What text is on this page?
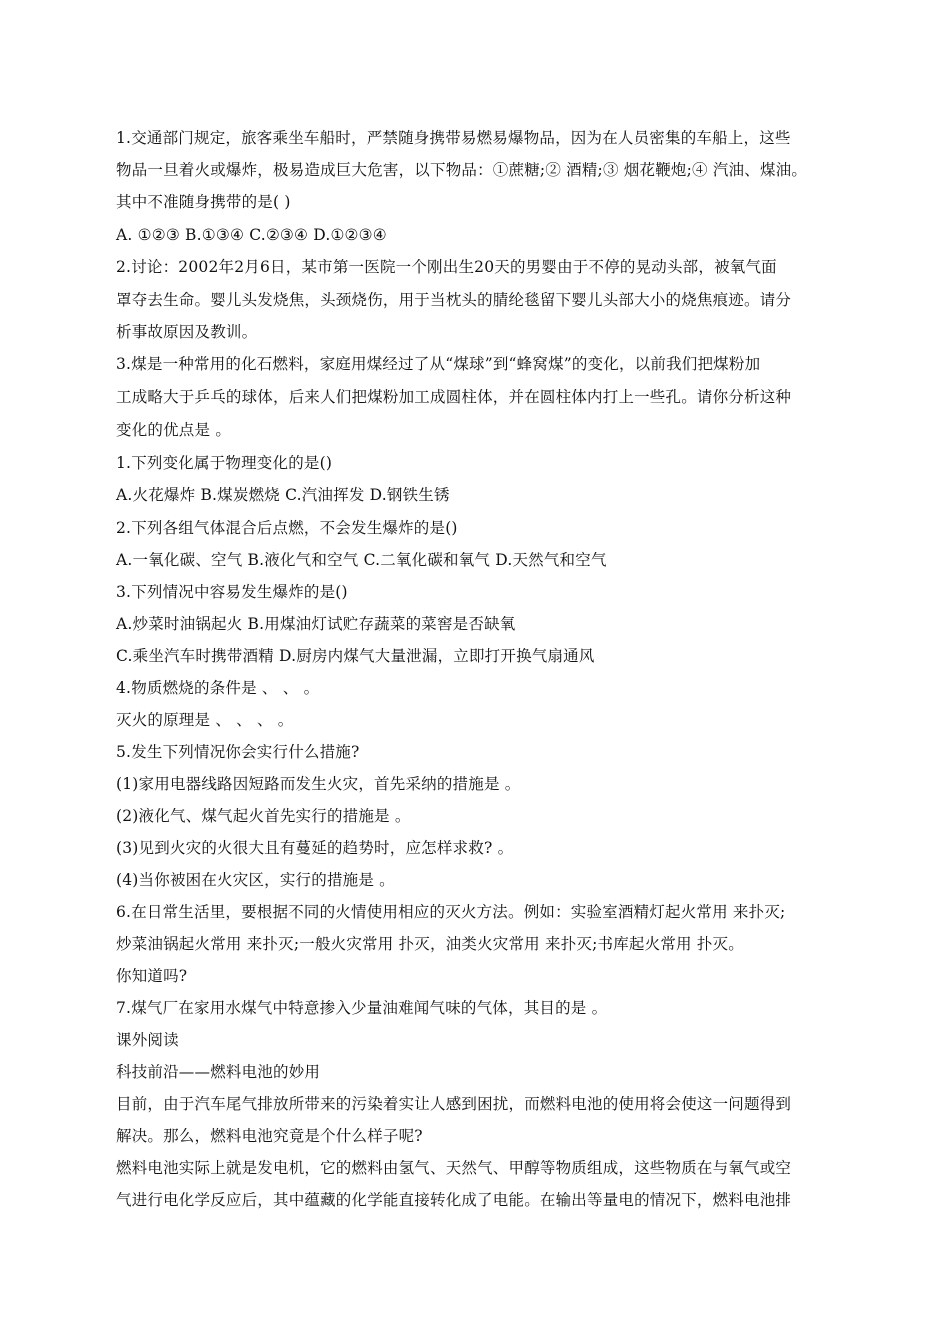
1.交通部门规定，旅客乘坐车船时，严禁随身携带易燃易爆物品，因为在人员密集的车船上，这些
物品一旦着火或爆炸，极易造成巨大危害，以下物品：①蔗糖;② 酒精;③ 烟花鞭炮;④ 汽油、煤油。
其中不准随身携带的是( )
A. ①②③ B.①③④ C.②③④ D.①②③④
2.讨论：2002年2月6日，某市第一医院一个刚出生20天的男婴由于不停的晃动头部，被氧气面
罩夺去生命。婴儿头发烧焦，头颈烧伤，用于当枕头的腈纶毯留下婴儿头部大小的烧焦痕迹。请分
析事故原因及教训。
3.煤是一种常用的化石燃料，家庭用煤经过了从“煤球”到“蜂窝煤”的变化，以前我们把煤粉加
工成略大于乒乓的球体，后来人们把煤粉加工成圆柱体，并在圆柱体内打上一些孔。请你分析这种
变化的优点是 。
1.下列变化属于物理变化的是()
A.火花爆炸 B.煤炭燃烧 C.汽油挥发 D.钢铁生锈
2.下列各组气体混合后点燃，不会发生爆炸的是()
A.一氧化碳、空气 B.液化气和空气 C.二氧化碳和氧气 D.天然气和空气
3.下列情况中容易发生爆炸的是()
A.炒菜时油锅起火 B.用煤油灯试贮存蔬菜的菜窖是否缺氧
C.乘坐汽车时携带酒精 D.厨房内煤气大量泄漏，立即打开换气扇通风
4.物质燃烧的条件是 、 、 。
灭火的原理是 、 、 、 。
5.发生下列情况你会实行什么措施?
(1)家用电器线路因短路而发生火灾，首先采纳的措施是 。
(2)液化气、煤气起火首先实行的措施是 。
(3)见到火灾的火很大且有蔓延的趋势时，应怎样求救? 。
(4)当你被困在火灾区，实行的措施是 。
6.在日常生活里，要根据不同的火情使用相应的灭火方法。例如：实验室酒精灯起火常用 来扑灭;
炒菜油锅起火常用 来扑灭;一般火灾常用 扑灭，油类火灾常用 来扑灭;书库起火常用 扑灭。
你知道吗?
7.煤气厂在家用水煤气中特意掺入少量油难闻气味的气体，其目的是 。
课外阅读
科技前沿——燃料电池的妙用
目前，由于汽车尾气排放所带来的污染着实让人感到困扰，而燃料电池的使用将会使这一问题得到
解决。那么，燃料电池究竟是个什么样子呢?
燃料电池实际上就是发电机，它的燃料由氢气、天然气、甲醇等物质组成，这些物质在与氧气或空
气进行电化学反应后，其中蕴藏的化学能直接转化成了电能。在输出等量电的情况下，燃料电池排
